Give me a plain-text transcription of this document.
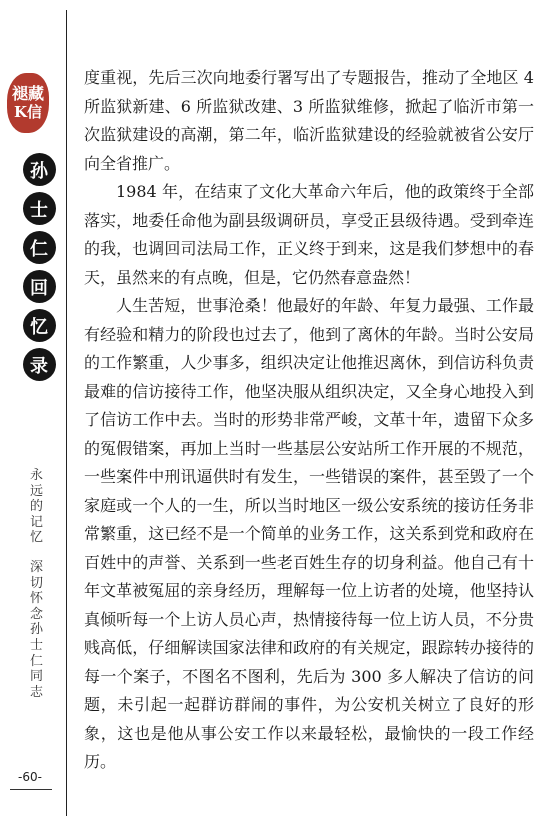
褪藏
K信
孙
士
仁
回
忆
录
永远的记忆
深切怀念孙士仁同志
-60-

度重视，先后三次向地委行署写出了专题报告，推动了全地区 4 所监狱新建、6 所监狱改建、3 所监狱维修，掀起了临沂市第一次监狱建设的高潮，第二年，临沂监狱建设的经验就被省公安厅向全省推广。

1984 年，在结束了文化大革命六年后，他的政策终于全部落实，地委任命他为副县级调研员，享受正县级待遇。受到牵连的我，也调回司法局工作，正义终于到来，这是我们梦想中的春天，虽然来的有点晚，但是，它仍然春意盎然！

人生苦短，世事沧桑！他最好的年龄、年复力最强、工作最有经验和精力的阶段也过去了，他到了离休的年龄。当时公安局的工作繁重，人少事多，组织决定让他推迟离休，到信访科负责最难的信访接待工作，他坚决服从组织决定，又全身心地投入到了信访工作中去。当时的形势非常严峻，文革十年，遗留下众多的冤假错案，再加上当时一些基层公安站所工作开展的不规范，一些案件中刑讯逼供时有发生，一些错误的案件，甚至毁了一个家庭或一个人的一生，所以当时地区一级公安系统的接访任务非常繁重，这已经不是一个简单的业务工作，这关系到党和政府在百姓中的声誉、关系到一些老百姓生存的切身利益。他自己有十年文革被冤屈的亲身经历，理解每一位上访者的处境，他坚持认真倾听每一个上访人员心声，热情接待每一位上访人员，不分贵贱高低，仔细解读国家法律和政府的有关规定，跟踪转办接待的每一个案子，不图名不图利，先后为 300 多人解决了信访的问题，未引起一起群访群闹的事件，为公安机关树立了良好的形象，这也是他从事公安工作以来最轻松，最愉快的一段工作经历。
